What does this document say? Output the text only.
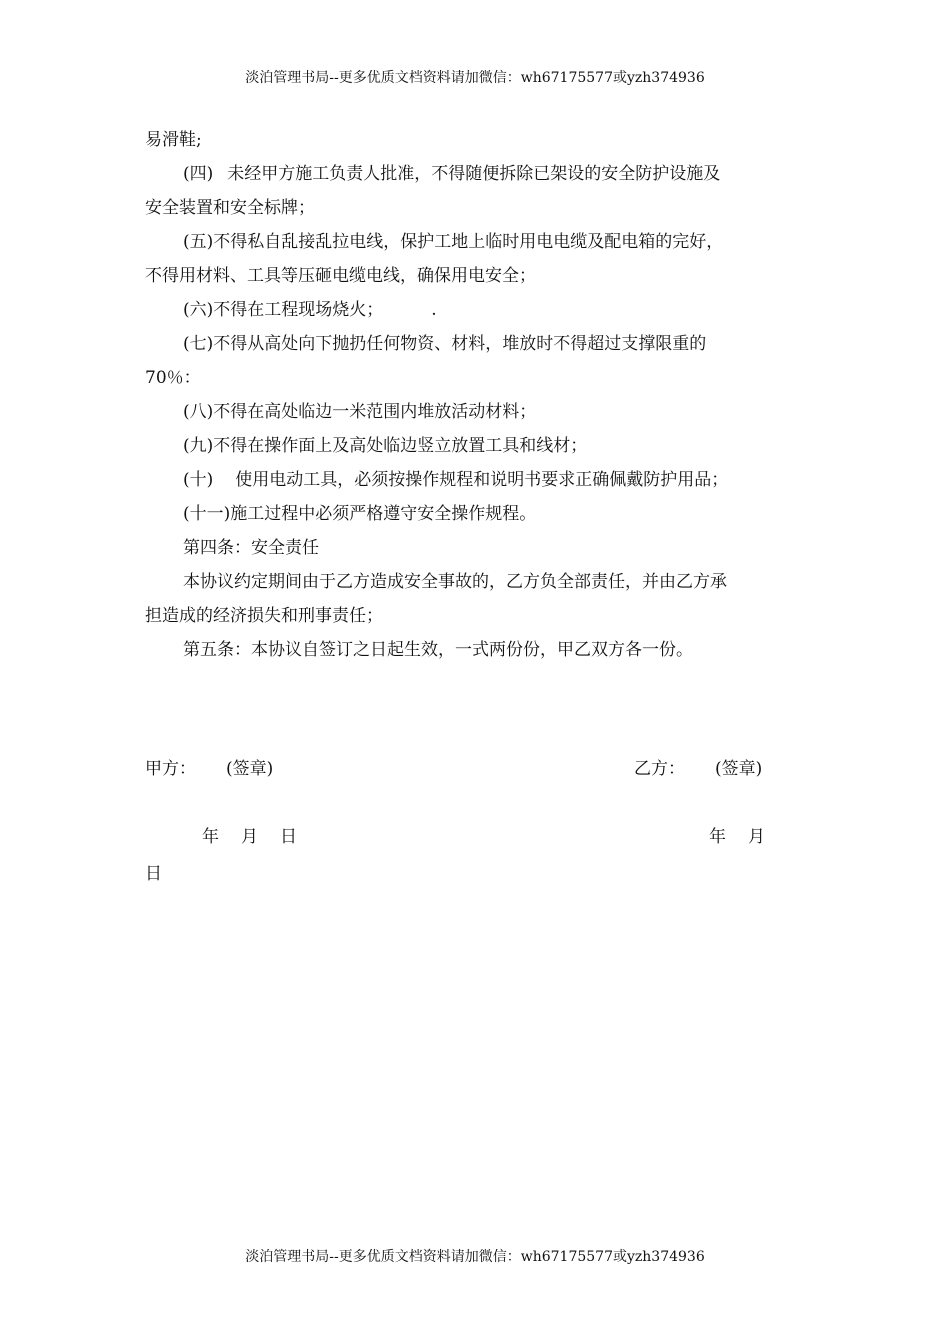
淡泊管理书局--更多优质文档资料请加微信：wh67175577或yzh374936
易滑鞋;
(四) 未经甲方施工负责人批准，不得随便拆除已架设的安全防护设施及
安全装置和安全标牌；
(五)不得私自乱接乱拉电线，保护工地上临时用电电缆及配电箱的完好，
不得用材料、工具等压砸电缆电线，确保用电安全；
(六)不得在工程现场烧火；	.
(七)不得从高处向下抛扔任何物资、材料，堆放时不得超过支撑限重的
70％：
(八)不得在高处临边一米范围内堆放活动材料；
(九)不得在操作面上及高处临边竖立放置工具和线材；
(十) 使用电动工具，必须按操作规程和说明书要求正确佩戴防护用品；
(十一)施工过程中必须严格遵守安全操作规程。
第四条：安全责任
本协议约定期间由于乙方造成安全事故的，乙方负全部责任，并由乙方承
担造成的经济损失和刑事责任；
第五条：本协议自签订之日起生效，一式两份份，甲乙双方各一份。
甲方： (签章)	乙方： (签章)
年 月 日	年 月
日
淡泊管理书局--更多优质文档资料请加微信：wh67175577或yzh374936
